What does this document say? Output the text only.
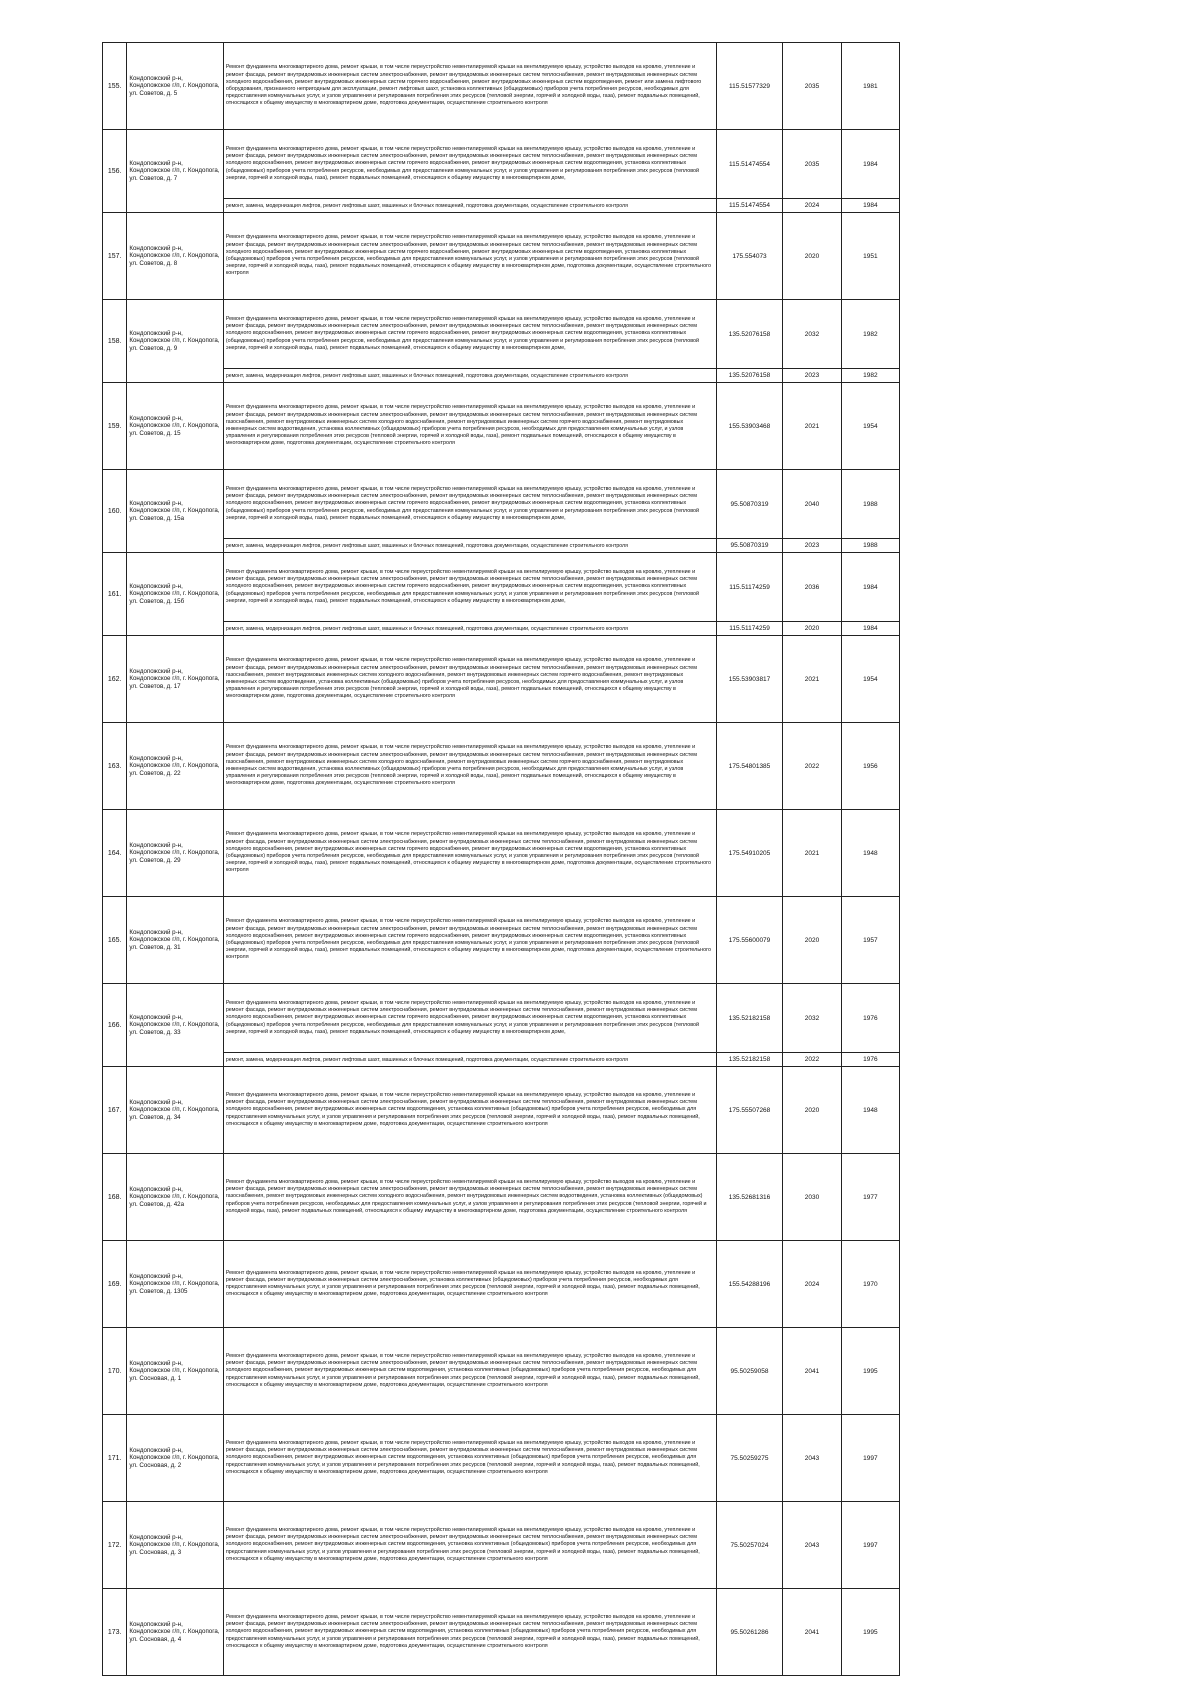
155.	Кондопожский р-н, Кондопожское г/п, г. Кондопога, ул. Советов, д. 5	Ремонт фундамента многоквартирного дома, ремонт крыши, в том числе переустройство невентилируемой крыши на вентилируемую крышу, устройство выходов на кровлю, утепление и ремонт фасада, ремонт внутридомовых инженерных систем электроснабжения, ремонт внутридомовых инженерных систем теплоснабжения, ремонт внутридомовых инженерных систем холодного водоснабжения, ремонт внутридомовых инженерных систем горячего водоснабжения, ремонт внутридомовых инженерных систем водоотведения, ремонт или замена лифтового оборудования, признанного непригодным для эксплуатации, ремонт лифтовых шахт, установка коллективных (общедомовых) приборов учета потребления ресурсов, необходимых для предоставления коммунальных услуг, и узлов управления и регулирования потребления этих ресурсов (тепловой энергии, горячей и холодной воды, газа), ремонт подвальных помещений, относящихся к общему имуществу в многоквартирном доме, подготовка документации, осуществление строительного контроля	115.51577329	2035	1981
156.	Кондопожский р-н, Кондопожское г/п, г. Кондопога, ул. Советов, д. 7	Ремонт фундамента многоквартирного дома, ремонт крыши, в том числе переустройство невентилируемой крыши на вентилируемую крышу, устройство выходов на кровлю, утепление и ремонт фасада, ремонт внутридомовых инженерных систем электроснабжения, ремонт внутридомовых инженерных систем теплоснабжения, ремонт внутридомовых инженерных систем холодного водоснабжения, ремонт внутридомовых инженерных систем горячего водоснабжения, ремонт внутридомовых инженерных систем водоотведения, установка коллективных (общедомовых) приборов учета потребления ресурсов, необходимых для предоставления коммунальных услуг, и узлов управления и регулирования потребления этих ресурсов (тепловой энергии, горячей и холодной воды, газа), ремонт подвальных помещений, относящихся к общему имуществу в многоквартирном доме,	115.51474554	2035	1984

		ремонт, замена, модернизация лифтов, ремонт лифтовых шахт, машинных и блочных помещений, подготовка документации, осуществление строительного контроля	115.51474554	2024	1984
157.	Кондопожский р-н, Кондопожское г/п, г. Кондопога, ул. Советов, д. 8	Ремонт фундамента многоквартирного дома, ремонт крыши, в том числе переустройство невентилируемой крыши на вентилируемую крышу, устройство выходов на кровлю, утепление и ремонт фасада, ремонт внутридомовых инженерных систем электроснабжения, ремонт внутридомовых инженерных систем теплоснабжения, ремонт внутридомовых инженерных систем холодного водоснабжения, ремонт внутридомовых инженерных систем горячего водоснабжения, ремонт внутридомовых инженерных систем водоотведения, установка коллективных (общедомовых) приборов учета потребления ресурсов, необходимых для предоставления коммунальных услуг, и узлов управления и регулирования потребления этих ресурсов (тепловой энергии, горячей и холодной воды, газа), ремонт подвальных помещений, относящихся к общему имуществу в многоквартирном доме, подготовка документации, осуществление строительного контроля	175.554073	2020	1951
158.	Кондопожский р-н, Кондопожское г/п, г. Кондопога, ул. Советов, д. 9	Ремонт фундамента многоквартирного дома, ремонт крыши, в том числе переустройство невентилируемой крыши на вентилируемую крышу, устройство выходов на кровлю, утепление и ремонт фасада, ремонт внутридомовых инженерных систем электроснабжения, ремонт внутридомовых инженерных систем теплоснабжения, ремонт внутридомовых инженерных систем холодного водоснабжения, ремонт внутридомовых инженерных систем горячего водоснабжения, ремонт внутридомовых инженерных систем водоотведения, установка коллективных (общедомовых) приборов учета потребления ресурсов, необходимых для предоставления коммунальных услуг, и узлов управления и регулирования потребления этих ресурсов (тепловой энергии, горячей и холодной воды, газа), ремонт подвальных помещений, относящихся к общему имуществу в многоквартирном доме,	135.52076158	2032	1982

		ремонт, замена, модернизация лифтов, ремонт лифтовых шахт, машинных и блочных помещений, подготовка документации, осуществление строительного контроля	135.52076158	2023	1982
159.	Кондопожский р-н, Кондопожское г/п, г. Кондопога, ул. Советов, д. 15	Ремонт фундамента многоквартирного дома, ремонт крыши, в том числе переустройство невентилируемой крыши на вентилируемую крышу, устройство выходов на кровлю, утепление и ремонт фасада, ремонт внутридомовых инженерных систем электроснабжения, ремонт внутридомовых инженерных систем теплоснабжения, ремонт внутридомовых инженерных систем газоснабжения, ремонт внутридомовых инженерных систем холодного водоснабжения, ремонт внутридомовых инженерных систем горячего водоснабжения, ремонт внутридомовых инженерных систем водоотведения, установка коллективных (общедомовых) приборов учета потребления ресурсов, необходимых для предоставления коммунальных услуг, и узлов управления и регулирования потребления этих ресурсов (тепловой энергии, горячей и холодной воды, газа), ремонт подвальных помещений, относящихся к общему имуществу в многоквартирном доме, подготовка документации, осуществление строительного контроля	155.53903468	2021	1954
160.	Кондопожский р-н, Кондопожское г/п, г. Кондопога, ул. Советов, д. 15а	Ремонт фундамента многоквартирного дома, ремонт крыши, в том числе переустройство невентилируемой крыши на вентилируемую крышу, устройство выходов на кровлю, утепление и ремонт фасада, ремонт внутридомовых инженерных систем электроснабжения, ремонт внутридомовых инженерных систем теплоснабжения, ремонт внутридомовых инженерных систем холодного водоснабжения, ремонт внутридомовых инженерных систем горячего водоснабжения, ремонт внутридомовых инженерных систем водоотведения, установка коллективных (общедомовых) приборов учета потребления ресурсов, необходимых для предоставления коммунальных услуг, и узлов управления и регулирования потребления этих ресурсов (тепловой энергии, горячей и холодной воды, газа), ремонт подвальных помещений, относящихся к общему имуществу в многоквартирном доме,	95.50870319	2040	1988

		ремонт, замена, модернизация лифтов, ремонт лифтовых шахт, машинных и блочных помещений, подготовка документации, осуществление строительного контроля	95.50870319	2023	1988
161.	Кондопожский р-н, Кондопожское г/п, г. Кондопога, ул. Советов, д. 15б	Ремонт фундамента многоквартирного дома, ремонт крыши, в том числе переустройство невентилируемой крыши на вентилируемую крышу, устройство выходов на кровлю, утепление и ремонт фасада, ремонт внутридомовых инженерных систем электроснабжения, ремонт внутридомовых инженерных систем теплоснабжения, ремонт внутридомовых инженерных систем холодного водоснабжения, ремонт внутридомовых инженерных систем горячего водоснабжения, ремонт внутридомовых инженерных систем водоотведения, установка коллективных (общедомовых) приборов учета потребления ресурсов, необходимых для предоставления коммунальных услуг, и узлов управления и регулирования потребления этих ресурсов (тепловой энергии, горячей и холодной воды, газа), ремонт подвальных помещений, относящихся к общему имуществу в многоквартирном доме,	115.51174259	2036	1984

		ремонт, замена, модернизация лифтов, ремонт лифтовых шахт, машинных и блочных помещений, подготовка документации, осуществление строительного контроля	115.51174259	2020	1984
162.	Кондопожский р-н, Кондопожское г/п, г. Кондопога, ул. Советов, д. 17	Ремонт фундамента многоквартирного дома, ремонт крыши, в том числе переустройство невентилируемой крыши на вентилируемую крышу, устройство выходов на кровлю, утепление и ремонт фасада, ремонт внутридомовых инженерных систем электроснабжения, ремонт внутридомовых инженерных систем теплоснабжения, ремонт внутридомовых инженерных систем газоснабжения, ремонт внутридомовых инженерных систем холодного водоснабжения, ремонт внутридомовых инженерных систем горячего водоснабжения, ремонт внутридомовых инженерных систем водоотведения, установка коллективных (общедомовых) приборов учета потребления ресурсов, необходимых для предоставления коммунальных услуг, и узлов управления и регулирования потребления этих ресурсов (тепловой энергии, горячей и холодной воды, газа), ремонт подвальных помещений, относящихся к общему имуществу в многоквартирном доме, подготовка документации, осуществление строительного контроля	155.53903817	2021	1954
163.	Кондопожский р-н, Кондопожское г/п, г. Кондопога, ул. Советов, д. 22	Ремонт фундамента многоквартирного дома, ремонт крыши, в том числе переустройство невентилируемой крыши на вентилируемую крышу, устройство выходов на кровлю, утепление и ремонт фасада, ремонт внутридомовых инженерных систем электроснабжения, ремонт внутридомовых инженерных систем теплоснабжения, ремонт внутридомовых инженерных систем газоснабжения, ремонт внутридомовых инженерных систем холодного водоснабжения, ремонт внутридомовых инженерных систем горячего водоснабжения, ремонт внутридомовых инженерных систем водоотведения, установка коллективных (общедомовых) приборов учета потребления ресурсов, необходимых для предоставления коммунальных услуг, и узлов управления и регулирования потребления этих ресурсов (тепловой энергии, горячей и холодной воды, газа), ремонт подвальных помещений, относящихся к общему имуществу в многоквартирном доме, подготовка документации, осуществление строительного контроля	175.54801385	2022	1956
164.	Кондопожский р-н, Кондопожское г/п, г. Кондопога, ул. Советов, д. 29	Ремонт фундамента многоквартирного дома, ремонт крыши, в том числе переустройство невентилируемой крыши на вентилируемую крышу, устройство выходов на кровлю, утепление и ремонт фасада, ремонт внутридомовых инженерных систем электроснабжения, ремонт внутридомовых инженерных систем теплоснабжения, ремонт внутридомовых инженерных систем холодного водоснабжения, ремонт внутридомовых инженерных систем горячего водоснабжения, ремонт внутридомовых инженерных систем водоотведения, установка коллективных (общедомовых) приборов учета потребления ресурсов, необходимых для предоставления коммунальных услуг, и узлов управления и регулирования потребления этих ресурсов (тепловой энергии, горячей и холодной воды, газа), ремонт подвальных помещений, относящихся к общему имуществу в многоквартирном доме, подготовка документации, осуществление строительного контроля	175.54910205	2021	1948
165.	Кондопожский р-н, Кондопожское г/п, г. Кондопога, ул. Советов, д. 31	Ремонт фундамента многоквартирного дома, ремонт крыши, в том числе переустройство невентилируемой крыши на вентилируемую крышу, устройство выходов на кровлю, утепление и ремонт фасада, ремонт внутридомовых инженерных систем электроснабжения, ремонт внутридомовых инженерных систем теплоснабжения, ремонт внутридомовых инженерных систем холодного водоснабжения, ремонт внутридомовых инженерных систем горячего водоснабжения, ремонт внутридомовых инженерных систем водоотведения, установка коллективных (общедомовых) приборов учета потребления ресурсов, необходимых для предоставления коммунальных услуг, и узлов управления и регулирования потребления этих ресурсов (тепловой энергии, горячей и холодной воды, газа), ремонт подвальных помещений, относящихся к общему имуществу в многоквартирном доме, подготовка документации, осуществление строительного контроля	175.55600079	2020	1957
166.	Кондопожский р-н, Кондопожское г/п, г. Кондопога, ул. Советов, д. 33	Ремонт фундамента многоквартирного дома, ремонт крыши, в том числе переустройство невентилируемой крыши на вентилируемую крышу, устройство выходов на кровлю, утепление и ремонт фасада, ремонт внутридомовых инженерных систем электроснабжения, ремонт внутридомовых инженерных систем теплоснабжения, ремонт внутридомовых инженерных систем холодного водоснабжения, ремонт внутридомовых инженерных систем горячего водоснабжения, ремонт внутридомовых инженерных систем водоотведения, установка коллективных (общедомовых) приборов учета потребления ресурсов, необходимых для предоставления коммунальных услуг, и узлов управления и регулирования потребления этих ресурсов (тепловой энергии, горячей и холодной воды, газа), ремонт подвальных помещений, относящихся к общему имуществу в многоквартирном доме,	135.52182158	2032	1976

		ремонт, замена, модернизация лифтов, ремонт лифтовых шахт, машинных и блочных помещений, подготовка документации, осуществление строительного контроля	135.52182158	2022	1976
167.	Кондопожский р-н, Кондопожское г/п, г. Кондопога, ул. Советов, д. 34	Ремонт фундамента многоквартирного дома, ремонт крыши, в том числе переустройство невентилируемой крыши на вентилируемую крышу, устройство выходов на кровлю, утепление и ремонт фасада, ремонт внутридомовых инженерных систем электроснабжения, ремонт внутридомовых инженерных систем теплоснабжения, ремонт внутридомовых инженерных систем холодного водоснабжения, ремонт внутридомовых инженерных систем водоотведения, установка коллективных (общедомовых) приборов учета потребления ресурсов, необходимых для предоставления коммунальных услуг, и узлов управления и регулирования потребления этих ресурсов (тепловой энергии, горячей и холодной воды, газа), ремонт подвальных помещений, относящихся к общему имуществу в многоквартирном доме, подготовка документации, осуществление строительного контроля	175.55507268	2020	1948
168.	Кондопожский р-н, Кондопожское г/п, г. Кондопога, ул. Советов, д. 42а	Ремонт фундамента многоквартирного дома, ремонт крыши, в том числе переустройство невентилируемой крыши на вентилируемую крышу, устройство выходов на кровлю, утепление и ремонт фасада, ремонт внутридомовых инженерных систем электроснабжения, ремонт внутридомовых инженерных систем теплоснабжения, ремонт внутридомовых инженерных систем газоснабжения, ремонт внутридомовых инженерных систем холодного водоснабжения, ремонт внутридомовых инженерных систем водоотведения, установка коллективных (общедомовых) приборов учета потребления ресурсов, необходимых для предоставления коммунальных услуг, и узлов управления и регулирования потребления этих ресурсов (тепловой энергии, горячей и холодной воды, газа), ремонт подвальных помещений, относящихся к общему имуществу в многоквартирном доме, подготовка документации, осуществление строительного контроля	135.52681316	2030	1977
169.	Кондопожский р-н, Кондопожское г/п, г. Кондопога, ул. Советов, д. 1305	Ремонт фундамента многоквартирного дома, ремонт крыши, в том числе переустройство невентилируемой крыши на вентилируемую крышу, устройство выходов на кровлю, утепление и ремонт фасада, ремонт внутридомовых инженерных систем электроснабжения, установка коллективных (общедомовых) приборов учета потребления ресурсов, необходимых для предоставления коммунальных услуг, и узлов управления и регулирования потребления этих ресурсов (тепловой энергии, горячей и холодной воды, газа), ремонт подвальных помещений, относящихся к общему имуществу в многоквартирном доме, подготовка документации, осуществление строительного контроля	155.54288196	2024	1970
170.	Кондопожский р-н, Кондопожское г/п, г. Кондопога, ул. Сосновая, д. 1	Ремонт фундамента многоквартирного дома, ремонт крыши, в том числе переустройство невентилируемой крыши на вентилируемую крышу, устройство выходов на кровлю, утепление и ремонт фасада, ремонт внутридомовых инженерных систем электроснабжения, ремонт внутридомовых инженерных систем теплоснабжения, ремонт внутридомовых инженерных систем холодного водоснабжения, ремонт внутридомовых инженерных систем водоотведения, установка коллективных (общедомовых) приборов учета потребления ресурсов, необходимых для предоставления коммунальных услуг, и узлов управления и регулирования потребления этих ресурсов (тепловой энергии, горячей и холодной воды, газа), ремонт подвальных помещений, относящихся к общему имуществу в многоквартирном доме, подготовка документации, осуществление строительного контроля	95.50259058	2041	1995
171.	Кондопожский р-н, Кондопожское г/п, г. Кондопога, ул. Сосновая, д. 2	Ремонт фундамента многоквартирного дома, ремонт крыши, в том числе переустройство невентилируемой крыши на вентилируемую крышу, устройство выходов на кровлю, утепление и ремонт фасада, ремонт внутридомовых инженерных систем электроснабжения, ремонт внутридомовых инженерных систем теплоснабжения, ремонт внутридомовых инженерных систем холодного водоснабжения, ремонт внутридомовых инженерных систем водоотведения, установка коллективных (общедомовых) приборов учета потребления ресурсов, необходимых для предоставления коммунальных услуг, и узлов управления и регулирования потребления этих ресурсов (тепловой энергии, горячей и холодной воды, газа), ремонт подвальных помещений, относящихся к общему имуществу в многоквартирном доме, подготовка документации, осуществление строительного контроля	75.50259275	2043	1997
172.	Кондопожский р-н, Кондопожское г/п, г. Кондопога, ул. Сосновая, д. 3	Ремонт фундамента многоквартирного дома, ремонт крыши, в том числе переустройство невентилируемой крыши на вентилируемую крышу, устройство выходов на кровлю, утепление и ремонт фасада, ремонт внутридомовых инженерных систем электроснабжения, ремонт внутридомовых инженерных систем теплоснабжения, ремонт внутридомовых инженерных систем холодного водоснабжения, ремонт внутридомовых инженерных систем водоотведения, установка коллективных (общедомовых) приборов учета потребления ресурсов, необходимых для предоставления коммунальных услуг, и узлов управления и регулирования потребления этих ресурсов (тепловой энергии, горячей и холодной воды, газа), ремонт подвальных помещений, относящихся к общему имуществу в многоквартирном доме, подготовка документации, осуществление строительного контроля	75.50257024	2043	1997
173.	Кондопожский р-н, Кондопожское г/п, г. Кондопога, ул. Сосновая, д. 4	Ремонт фундамента многоквартирного дома, ремонт крыши, в том числе переустройство невентилируемой крыши на вентилируемую крышу, устройство выходов на кровлю, утепление и ремонт фасада, ремонт внутридомовых инженерных систем электроснабжения, ремонт внутридомовых инженерных систем теплоснабжения, ремонт внутридомовых инженерных систем холодного водоснабжения, ремонт внутридомовых инженерных систем водоотведения, установка коллективных (общедомовых) приборов учета потребления ресурсов, необходимых для предоставления коммунальных услуг, и узлов управления и регулирования потребления этих ресурсов (тепловой энергии, горячей и холодной воды, газа), ремонт подвальных помещений, относящихся к общему имуществу в многоквартирном доме, подготовка документации, осуществление строительного контроля	95.50261286	2041	1995
